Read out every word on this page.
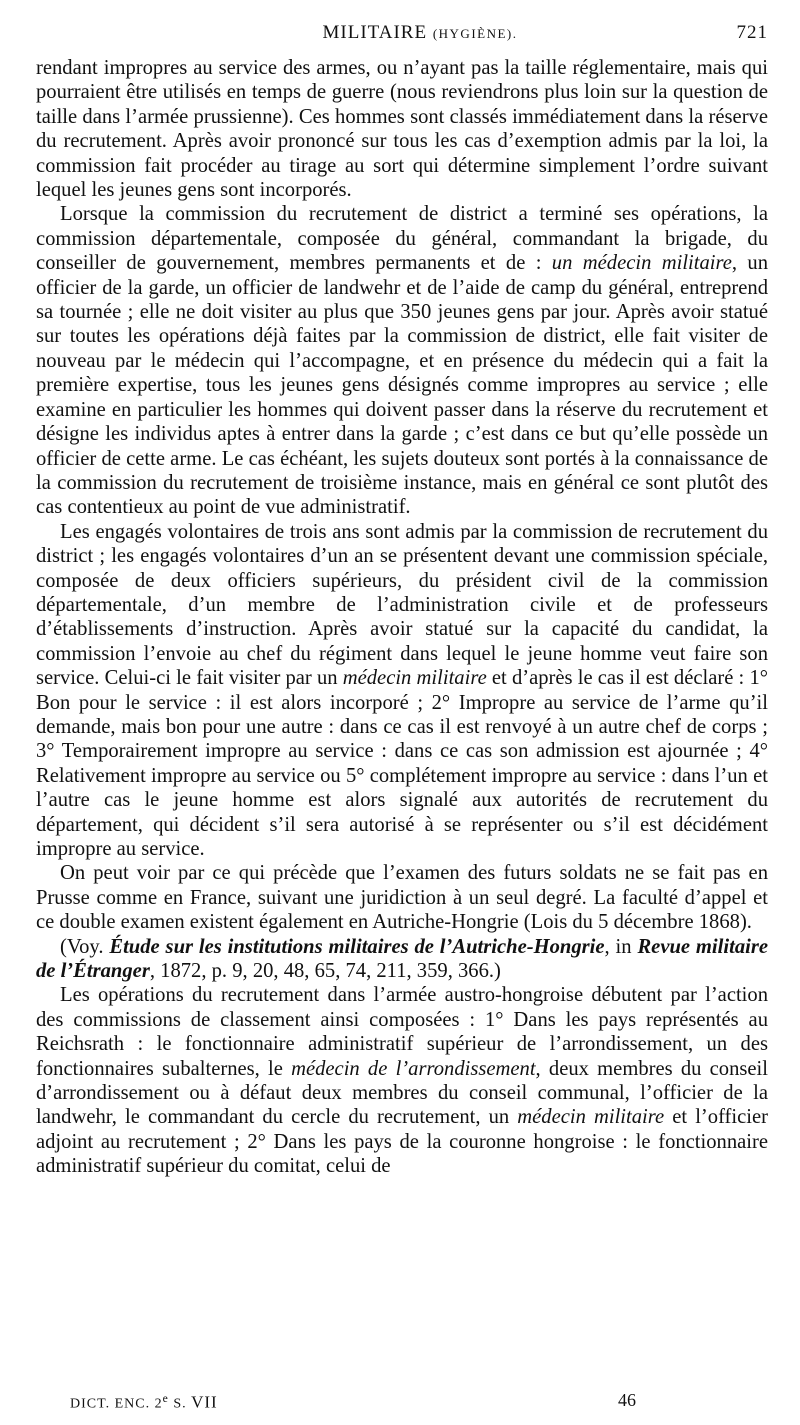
MILITAIRE (HYGIÈNE).	721

rendant impropres au service des armes, ou n’ayant pas la taille réglementaire, mais qui pourraient être utilisés en temps de guerre (nous reviendrons plus loin sur la question de taille dans l’armée prussienne). Ces hommes sont classés immédiatement dans la réserve du recrutement. Après avoir prononcé sur tous les cas d’exemption admis par la loi, la commission fait procéder au tirage au sort qui détermine simplement l’ordre suivant lequel les jeunes gens sont incorporés.

Lorsque la commission du recrutement de district a terminé ses opérations, la commission départementale, composée du général, commandant la brigade, du conseiller de gouvernement, membres permanents et de : un médecin militaire, un officier de la garde, un officier de landwehr et de l’aide de camp du général, entreprend sa tournée ; elle ne doit visiter au plus que 350 jeunes gens par jour. Après avoir statué sur toutes les opérations déjà faites par la commission de district, elle fait visiter de nouveau par le médecin qui l’accompagne, et en présence du médecin qui a fait la première expertise, tous les jeunes gens désignés comme impropres au service ; elle examine en particulier les hommes qui doivent passer dans la réserve du recrutement et désigne les individus aptes à entrer dans la garde ; c’est dans ce but qu’elle possède un officier de cette arme. Le cas échéant, les sujets douteux sont portés à la connaissance de la commission du recrutement de troisième instance, mais en général ce sont plutôt des cas contentieux au point de vue administratif.

Les engagés volontaires de trois ans sont admis par la commission de recrutement du district ; les engagés volontaires d’un an se présentent devant une commission spéciale, composée de deux officiers supérieurs, du président civil de la commission départementale, d’un membre de l’administration civile et de professeurs d’établissements d’instruction. Après avoir statué sur la capacité du candidat, la commission l’envoie au chef du régiment dans lequel le jeune homme veut faire son service. Celui-ci le fait visiter par un médecin militaire et d’après le cas il est déclaré : 1° Bon pour le service : il est alors incorporé ; 2° Impropre au service de l’arme qu’il demande, mais bon pour une autre : dans ce cas il est renvoyé à un autre chef de corps ; 3° Temporairement impropre au service : dans ce cas son admission est ajournée ; 4° Relativement impropre au service ou 5° complétement impropre au service : dans l’un et l’autre cas le jeune homme est alors signalé aux autorités de recrutement du département, qui décident s’il sera autorisé à se représenter ou s’il est décidément impropre au service.

On peut voir par ce qui précède que l’examen des futurs soldats ne se fait pas en Prusse comme en France, suivant une juridiction à un seul degré. La faculté d’appel et ce double examen existent également en Autriche-Hongrie (Lois du 5 décembre 1868).

(Voy. Étude sur les institutions militaires de l’Autriche-Hongrie, in Revue militaire de l’Étranger, 1872, p. 9, 20, 48, 65, 74, 211, 359, 366.)

Les opérations du recrutement dans l’armée austro-hongroise débutent par l’action des commissions de classement ainsi composées : 1° Dans les pays représentés au Reichsrath : le fonctionnaire administratif supérieur de l’arrondissement, un des fonctionnaires subalternes, le médecin de l’arrondissement, deux membres du conseil d’arrondissement ou à défaut deux membres du conseil communal, l’officier de la landwehr, le commandant du cercle du recrutement, un médecin militaire et l’officier adjoint au recrutement ; 2° Dans les pays de la couronne hongroise : le fonctionnaire administratif supérieur du comitat, celui de

DICT. ENC. 2e S. VII	46
